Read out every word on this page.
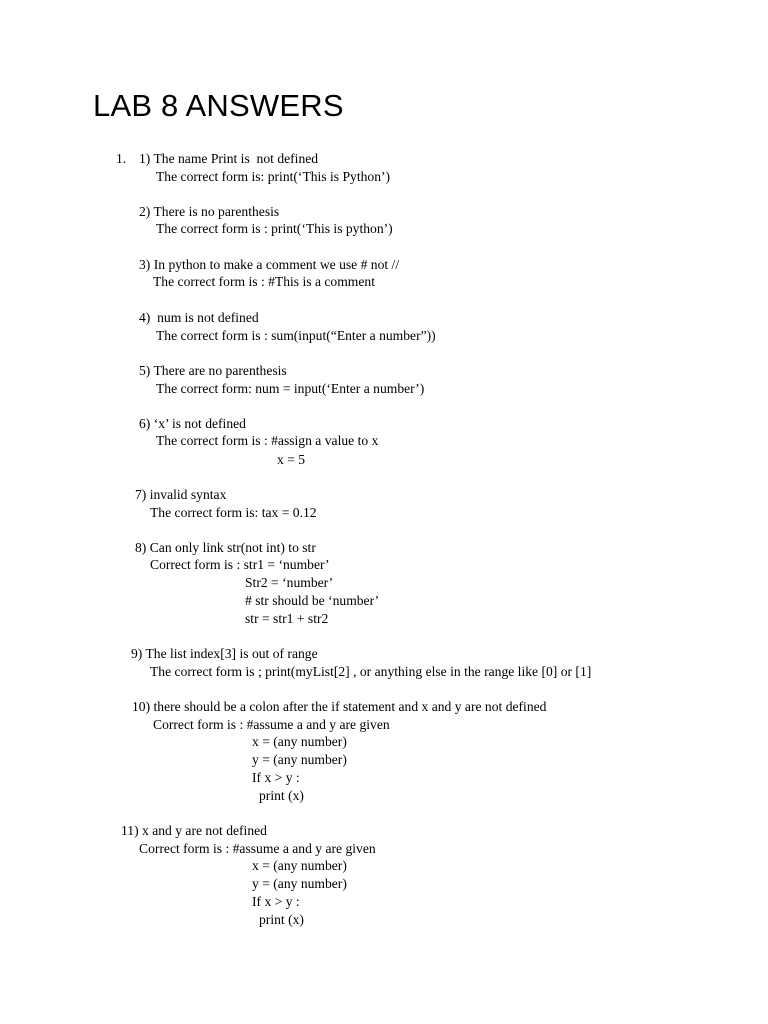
LAB 8 ANSWERS
1. 1) The name Print is  not defined
The correct form is: print(‘This is Python’)
2) There is no parenthesis
The correct form is : print(‘This is python’)
3) In python to make a comment we use # not //
The correct form is : #This is a comment
4)  num is not defined
The correct form is : sum(input(“Enter a number”))
5) There are no parenthesis
The correct form: num = input(‘Enter a number’)
6) ‘x’ is not defined
The correct form is : #assign a value to x
x = 5
7) invalid syntax
The correct form is: tax = 0.12
8) Can only link str(not int) to str
Correct form is : str1 = ‘number’
Str2 = ‘number’
# str should be ‘number’
str = str1 + str2
9) The list index[3] is out of range
The correct form is ; print(myList[2] , or anything else in the range like [0] or [1]
10) there should be a colon after the if statement and x and y are not defined
Correct form is : #assume a and y are given
x = (any number)
y = (any number)
If x > y :
print (x)
11) x and y are not defined
Correct form is : #assume a and y are given
x = (any number)
y = (any number)
If x > y :
print (x)
